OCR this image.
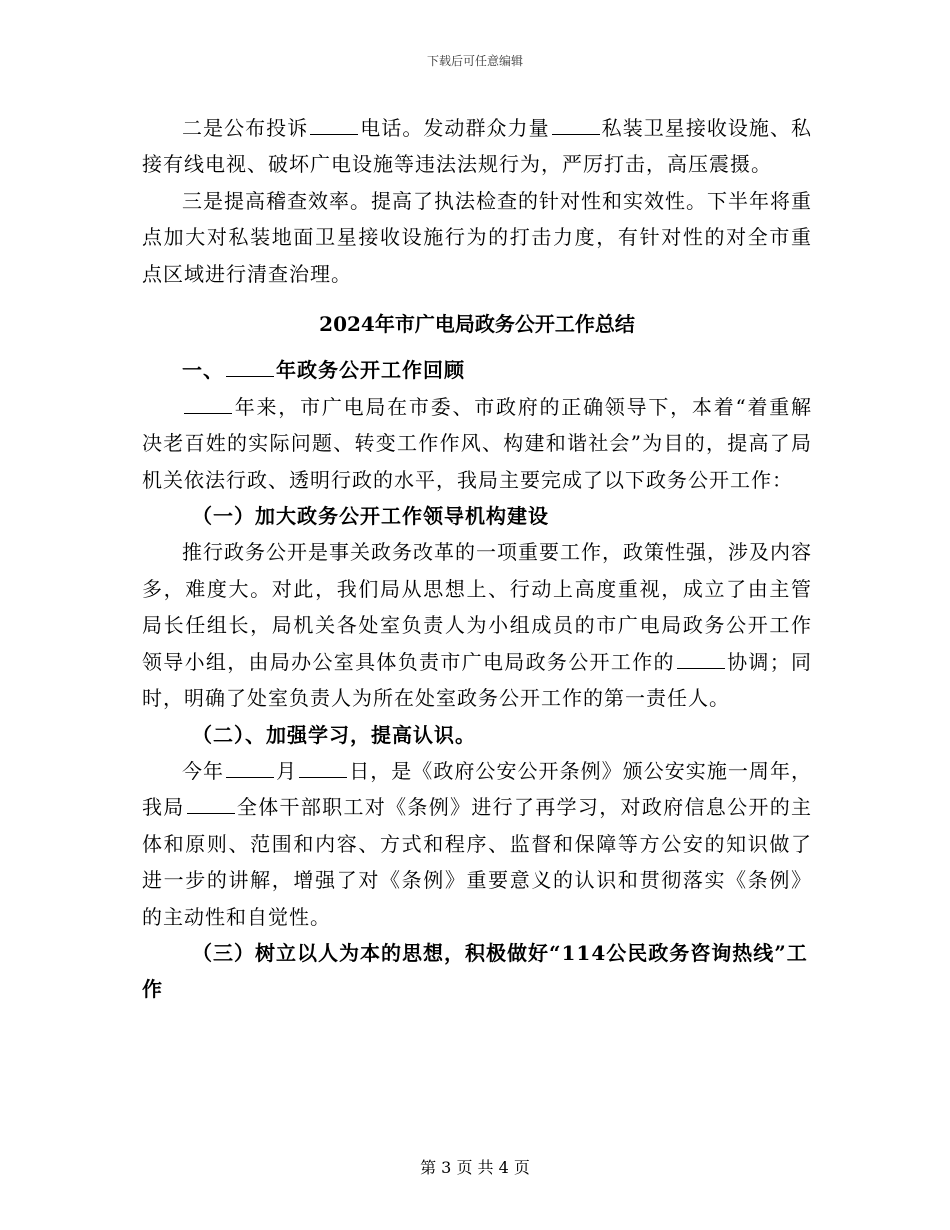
下载后可任意编辑

二是公布投诉	电话。发动群众力量	私装卫星接收设施、私接有线电视、破坏广电设施等违法法规行为，严厉打击，高压震摄。

三是提高稽查效率。提高了执法检查的针对性和实效性。下半年将重点加大对私装地面卫星接收设施行为的打击力度，有针对性的对全市重点区域进行清查治理。

2024年市广电局政务公开工作总结

一、	年政务公开工作回顾

年来，市广电局在市委、市政府的正确领导下，本着“着重解决老百姓的实际问题、转变工作作风、构建和谐社会”为目的，提高了局机关依法行政、透明行政的水平，我局主要完成了以下政务公开工作：

（一）加大政务公开工作领导机构建设

推行政务公开是事关政务改革的一项重要工作，政策性强，涉及内容多，难度大。对此，我们局从思想上、行动上高度重视，成立了由主管局长任组长，局机关各处室负责人为小组成员的市广电局政务公开工作领导小组，由局办公室具体负责市广电局政务公开工作的	协调；同时，明确了处室负责人为所在处室政务公开工作的第一责任人。

（二）、加强学习，提高认识。

今年	月	日，是《政府公安公开条例》颁公安实施一周年，我局	全体干部职工对《条例》进行了再学习，对政府信息公开的主体和原则、范围和内容、方式和程序、监督和保障等方公安的知识做了进一步的讲解，增强了对《条例》重要意义的认识和贯彻落实《条例》的主动性和自觉性。

（三）树立以人为本的思想，积极做好“114公民政务咨询热线”工作

第 3 页 共 4 页
